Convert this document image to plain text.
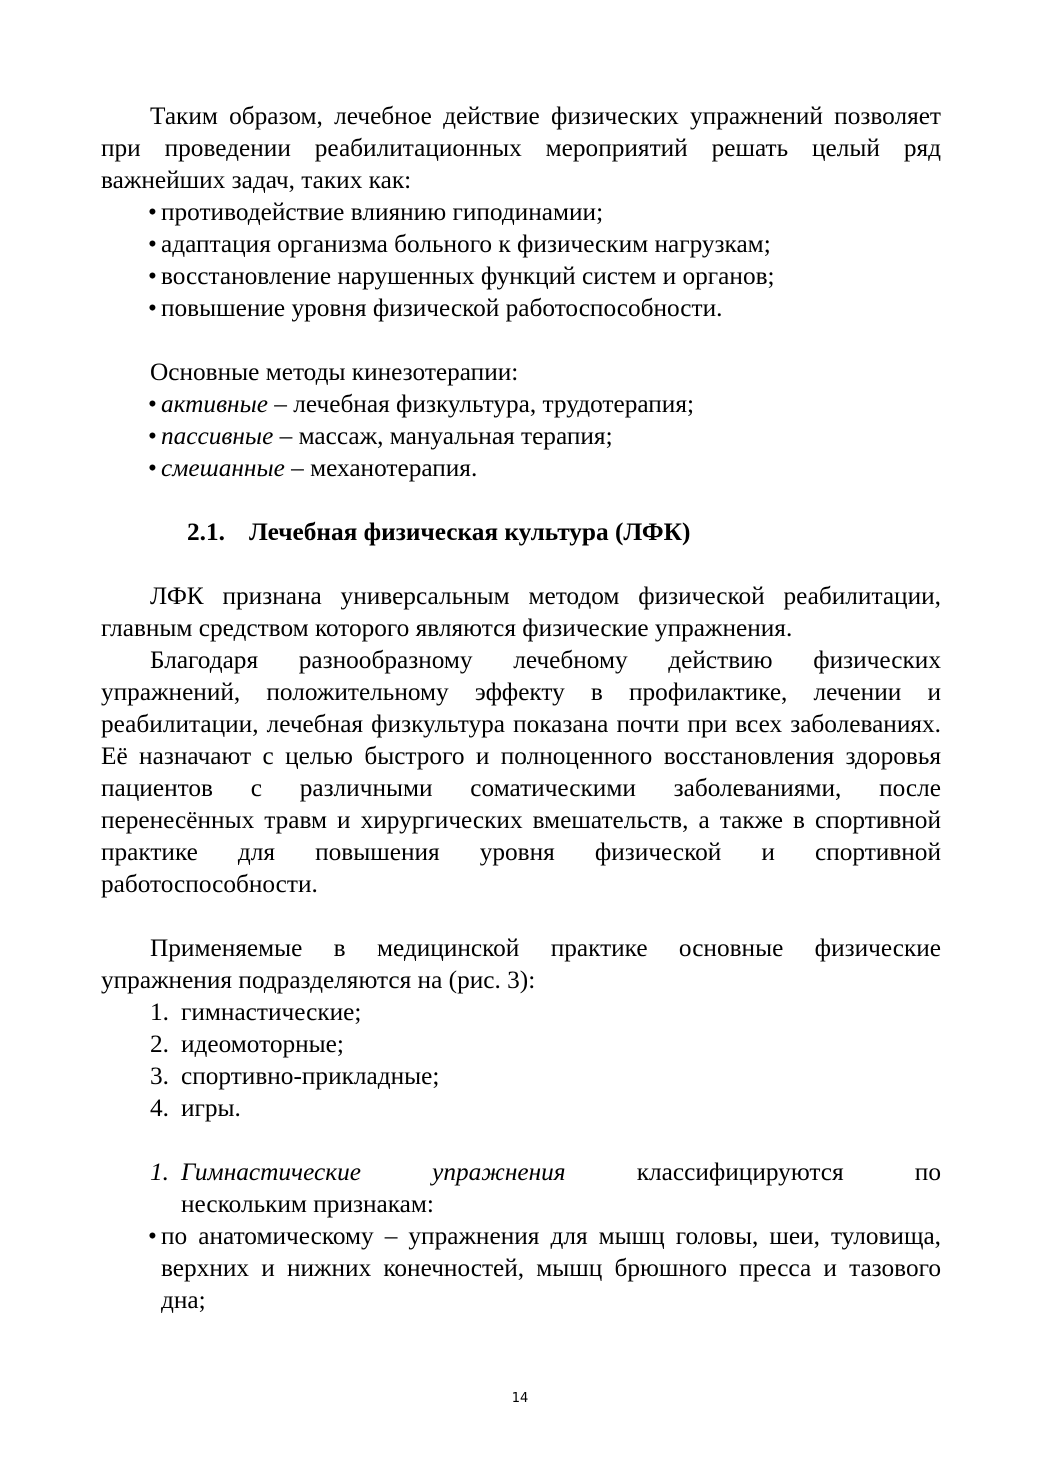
Таким образом, лечебное действие физических упражнений позволяет при проведении реабилитационных мероприятий решать целый ряд важнейших задач, таких как:

• противодействие влиянию гиподинамии;
• адаптация организма больного к физическим нагрузкам;
• восстановление нарушенных функций систем и органов;
• повышение уровня физической работоспособности.

Основные методы кинезотерапии:

• активные – лечебная физкультура, трудотерапия;
• пассивные – массаж, мануальная терапия;
• смешанные – механотерапия.
2.1. Лечебная физическая культура (ЛФК)

ЛФК признана универсальным методом физической реабилитации, главным средством которого являются физические упражнения.

Благодаря разнообразному лечебному действию физических упражнений, положительному эффекту в профилактике, лечении и реабилитации, лечебная физкультура показана почти при всех заболеваниях. Её назначают с целью быстрого и полноценного восстановления здоровья пациентов с различными соматическими заболеваниями, после перенесённых травм и хирургических вмешательств, а также в спортивной практике для повышения уровня физической и спортивной работоспособности.

Применяемые в медицинской практике основные физические упражнения подразделяются на (рис. 3):

1. гимнастические;
2. идеомоторные;
3. спортивно-прикладные;
4. игры.
1. Гимнастические	упражнения	классифицируются	по
нескольким признакам:
• по анатомическому – упражнения для мышц головы, шеи, туловища, верхних и нижних конечностей, мышц брюшного пресса и тазового дна;
14
